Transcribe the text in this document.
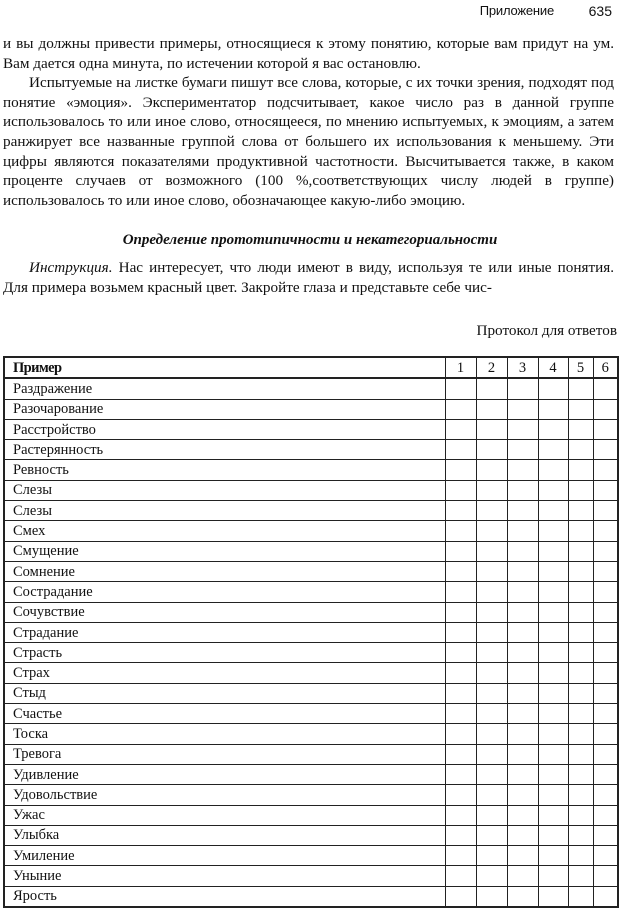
Приложение 635

и вы должны привести примеры, относящиеся к этому понятию, которые вам придут на ум. Вам дается одна минута, по истечении которой я вас остановлю.

Испытуемые на листке бумаги пишут все слова, которые, с их точки зрения, подходят под понятие «эмоция». Экспериментатор подсчитывает, какое число раз в данной группе использовалось то или иное слово, относящееся, по мнению испытуемых, к эмоциям, а затем ранжирует все названные группой слова от большего их использования к меньшему. Эти цифры являются показателями продуктивной частотности. Высчитывается также, в каком проценте случаев от возможного (100 %,соответствующих числу людей в группе) использовалось то или иное слово, обозначающее какую-либо эмоцию.

Определение прототипичности и некатегориальности

Инструкция. Нас интересует, что люди имеют в виду, используя те или иные понятия. Для примера возьмем красный цвет. Закройте глаза и представьте себе чис-

Протокол для ответов
Пример	1	2	3	4	5	6
Раздражение						
Разочарование						
Расстройство						
Растерянность						
Ревность						
Слезы						
Слезы						
Смех						
Смущение						
Сомнение						
Сострадание						
Сочувствие						
Страдание						
Страсть						
Страх						
Стыд						
Счастье						
Тоска						
Тревога						
Удивление						
Удовольствие						
Ужас						
Улыбка						
Умиление						
Уныние						
Ярость						
